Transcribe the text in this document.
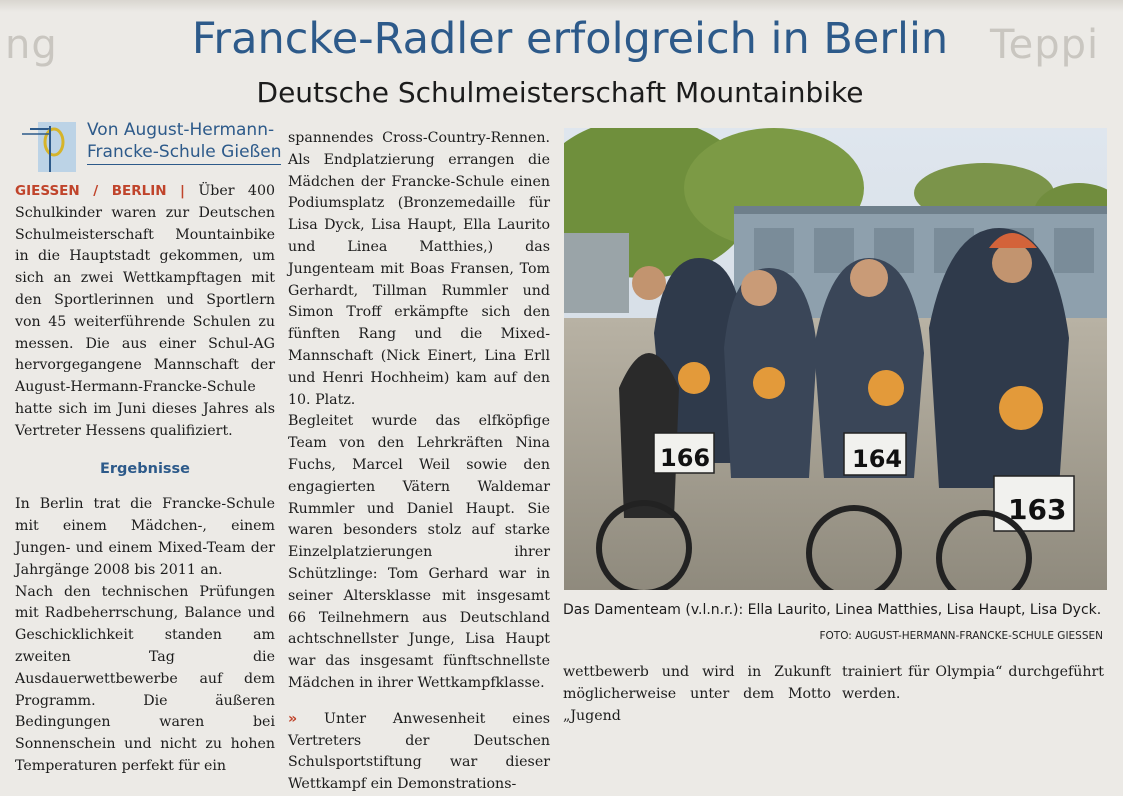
ng	Teppi
Francke-Radler erfolgreich in Berlin
Deutsche Schulmeisterschaft Mountainbike
Von August-Hermann-
Francke-Schule Gießen

GIESSEN / BERLIN | Über 400 Schulkinder waren zur Deutschen Schulmeisterschaft Mountainbike in die Hauptstadt gekommen, um sich an zwei Wettkampftagen mit den Sportlerinnen und Sportlern von 45 weiterführende Schulen zu messen. Die aus einer Schul-AG hervorgegangene Mannschaft der August-Hermann-Francke-Schule hatte sich im Juni dieses Jahres als Vertreter Hessens qualifiziert.

Ergebnisse

In Berlin trat die Francke-Schule mit einem Mädchen-, einem Jungen- und einem Mixed-Team der Jahrgänge 2008 bis 2011 an.

Nach den technischen Prüfungen mit Radbeherrschung, Balance und Geschicklichkeit standen am zweiten Tag die Ausdauerwettbewerbe auf dem Programm. Die äußeren Bedingungen waren bei Sonnenschein und nicht zu hohen Temperaturen perfekt für ein

spannendes Cross-Country-Rennen. Als Endplatzierung errangen die Mädchen der Francke-Schule einen Podiumsplatz (Bronzemedaille für Lisa Dyck, Lisa Haupt, Ella Laurito und Linea Matthies,) das Jungenteam mit Boas Fransen, Tom Gerhardt, Tillman Rummler und Simon Troff erkämpfte sich den fünften Rang und die Mixed-Mannschaft (Nick Einert, Lina Erll und Henri Hochheim) kam auf den 10. Platz.

Begleitet wurde das elfköpfige Team von den Lehrkräften Nina Fuchs, Marcel Weil sowie den engagierten Vätern Waldemar Rummler und Daniel Haupt. Sie waren besonders stolz auf starke Einzelplatzierungen ihrer Schützlinge: Tom Gerhard war in seiner Altersklasse mit insgesamt 66 Teilnehmern aus Deutschland achtschnellster Junge, Lisa Haupt war das insgesamt fünftschnellste Mädchen in ihrer Wettkampfklasse.

» Unter Anwesenheit eines Vertreters der Deutschen Schulsportstiftung war dieser Wettkampf ein Demonstrations-

166	164
163
Das Damenteam (v.l.n.r.): Ella Laurito, Linea Matthies, Lisa Haupt, Lisa Dyck.
FOTO: AUGUST-HERMANN-FRANCKE-SCHULE GIESSEN

wettbewerb und wird in Zukunft möglicherweise unter dem Motto „Jugend

trainiert für Olympia“ durchgeführt werden.
